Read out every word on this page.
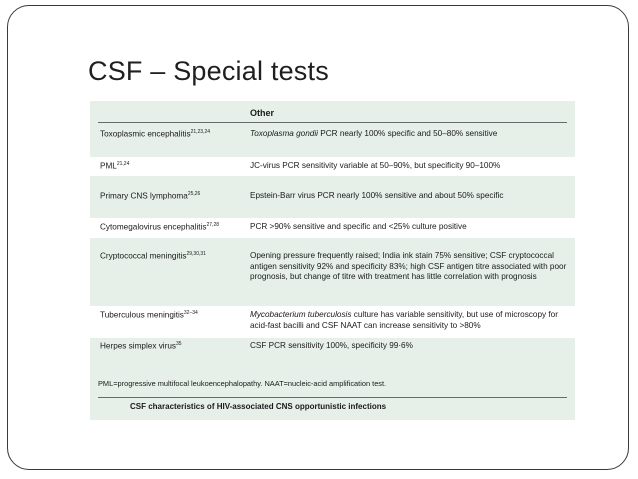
CSF – Special tests
Other
Toxoplasmic encephalitis$^{21,23,24}$	Toxoplasma gondii PCR nearly 100% specific and 50–80% sensitive
PML$^{21,24}$	JC-virus PCR sensitivity variable at 50–90%, but specificity 90–100%
Primary CNS lymphoma$^{25,26}$	Epstein-Barr virus PCR nearly 100% sensitive and about 50% specific
Cytomegalovirus encephalitis$^{27,28}$	PCR >90% sensitive and specific and <25% culture positive
Cryptococcal meningitis$^{29,30,31}$	Opening pressure frequently raised; India ink stain 75% sensitive; CSF cryptococcal antigen sensitivity 92% and specificity 83%; high CSF antigen titre associated with poor prognosis, but change of titre with treatment has little correlation with prognosis
Tuberculous meningitis$^{32-34}$	Mycobacterium tuberculosis culture has variable sensitivity, but use of microscopy for acid-fast bacilli and CSF NAAT can increase sensitivity to >80%
Herpes simplex virus$^{35}$	CSF PCR sensitivity 100%, specificity 99·6%
PML=progressive multifocal leukoencephalopathy. NAAT=nucleic-acid amplification test.
CSF characteristics of HIV-associated CNS opportunistic infections
